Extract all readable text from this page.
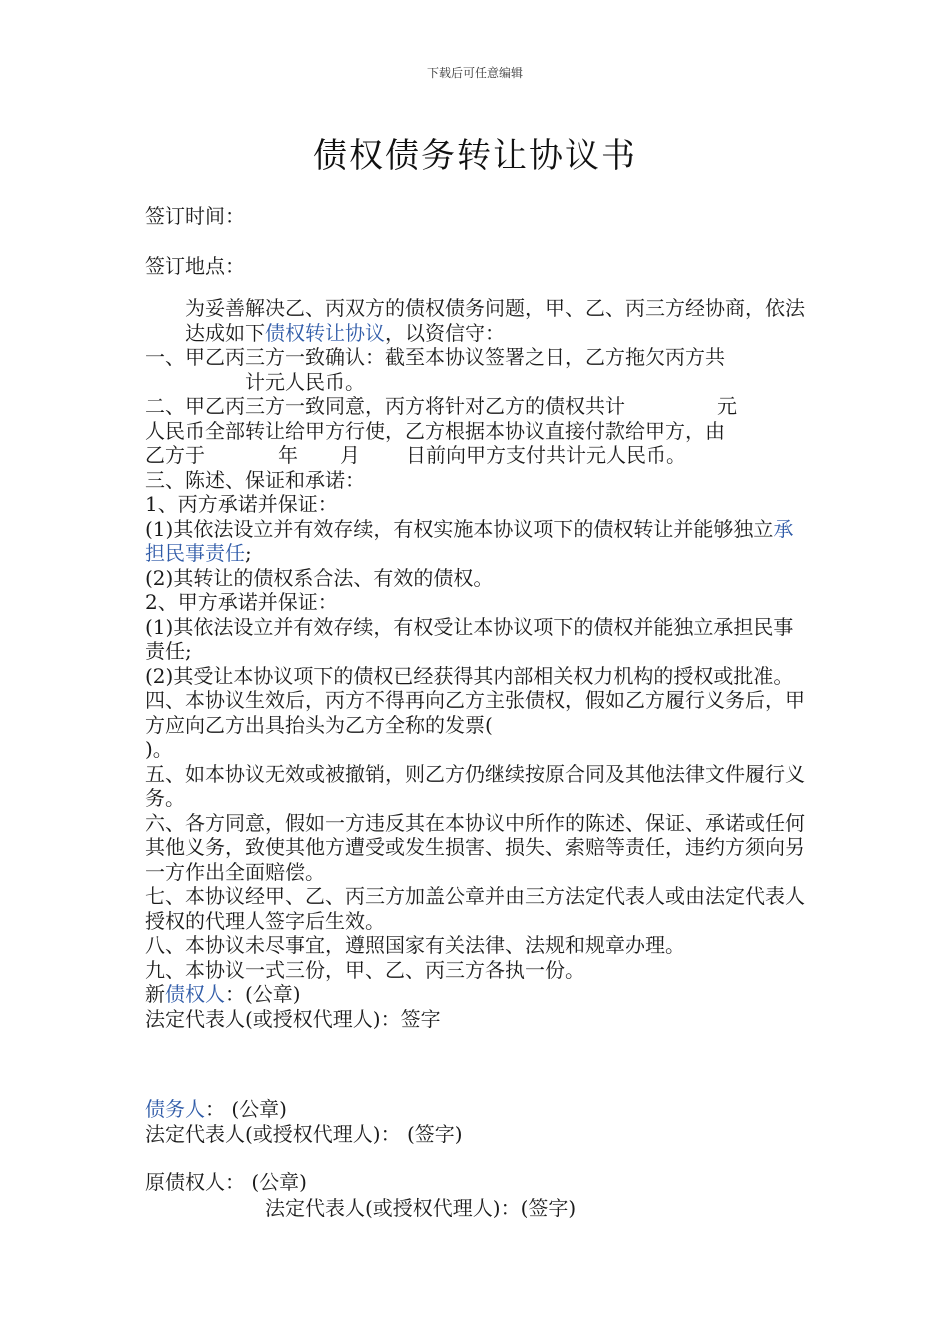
下载后可任意编辑
债权债务转让协议书
签订时间：
签订地点：

为妥善解决乙、丙双方的债权债务问题，甲、乙、丙三方经协商，依法达成如下债权转让协议，以资信守：

一、甲乙丙三方一致确认：截至本协议签署之日，乙方拖欠丙方共

计元人民币。

二、甲乙丙三方一致同意，丙方将针对乙方的债权共计	元

人民币全部转让给甲方行使，乙方根据本协议直接付款给甲方，由

乙方于	年 月 日前向甲方支付共计元人民币。

三、陈述、保证和承诺：

1、丙方承诺并保证：

(1)其依法设立并有效存续，有权实施本协议项下的债权转让并能够独立承担民事责任;

(2)其转让的债权系合法、有效的债权。

2、甲方承诺并保证：

(1)其依法设立并有效存续，有权受让本协议项下的债权并能独立承担民事责任;

(2)其受让本协议项下的债权已经获得其内部相关权力机构的授权或批准。

四、本协议生效后，丙方不得再向乙方主张债权，假如乙方履行义务后，甲方应向乙方出具抬头为乙方全称的发票(

)。

五、如本协议无效或被撤销，则乙方仍继续按原合同及其他法律文件履行义务。

六、各方同意，假如一方违反其在本协议中所作的陈述、保证、承诺或任何其他义务，致使其他方遭受或发生损害、损失、索赔等责任，违约方须向另一方作出全面赔偿。

七、本协议经甲、乙、丙三方加盖公章并由三方法定代表人或由法定代表人授权的代理人签字后生效。

八、本协议未尽事宜，遵照国家有关法律、法规和规章办理。

九、本协议一式三份，甲、乙、丙三方各执一份。

新债权人：(公章)

法定代表人(或授权代理人)：签字

债务人： (公章)
法定代表人(或授权代理人)： (签字)
原债权人： (公章)
法定代表人(或授权代理人)：(签字)
